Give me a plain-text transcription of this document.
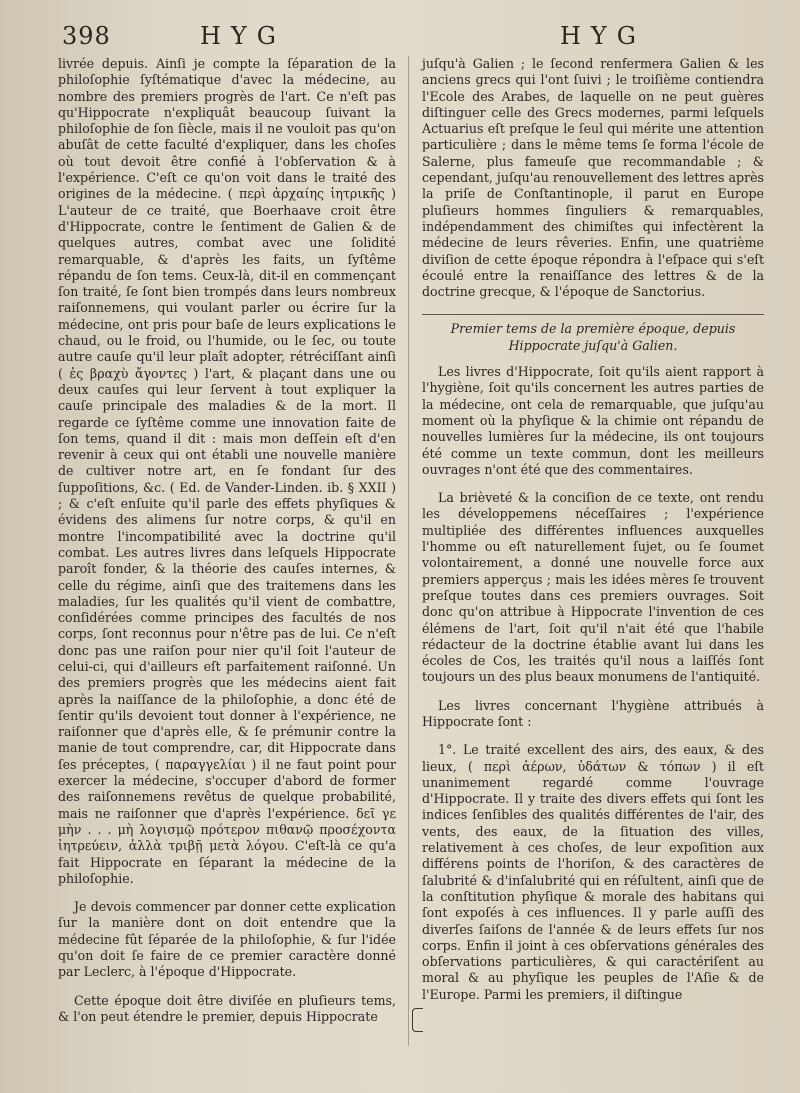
398	HYG	HYG

livrée depuis. Ainſi je compte la ſéparation de la philoſophie ſyſtématique d'avec la médecine, au nombre des premiers progrès de l'art. Ce n'eſt pas qu'Hippocrate n'expliquât beaucoup ſuivant la philoſophie de ſon ſiècle, mais il ne vouloit pas qu'on abuſât de cette faculté d'expliquer, dans les choſes où tout devoit être confié à l'obſervation & à l'expérience. C'eſt ce qu'on voit dans le traité des origines de la médecine. ( περὶ ἀρχαίης ἰητρικῆς ) L'auteur de ce traité, que Boerhaave croit être d'Hippocrate, contre le ſentiment de Galien & de quelques autres, combat avec une ſolidité remarquable, & d'après les faits, un ſyſtême répandu de ſon tems. Ceux-là, dit-il en commençant ſon traité, ſe ſont bien trompés dans leurs nombreux raiſonnemens, qui voulant parler ou écrire ſur la médecine, ont pris pour baſe de leurs explications le chaud, ou le froid, ou l'humide, ou le ſec, ou toute autre cauſe qu'il leur plaît adopter, rétréciſſant ainſi ( ἐς βραχὺ ἄγοντες ) l'art, & plaçant dans une ou deux cauſes qui leur ſervent à tout expliquer la cauſe principale des maladies & de la mort. Il regarde ce ſyſtême comme une innovation faite de ſon tems, quand il dit : mais mon deſſein eſt d'en revenir à ceux qui ont établi une nouvelle manière de cultiver notre art, en ſe fondant ſur des ſuppoſitions, &c. ( Ed. de Vander-Linden. ib. § XXII ) ; & c'eſt enſuite qu'il parle des effets phyſiques & évidens des alimens ſur notre corps, & qu'il en montre l'incompatibilité avec la doctrine qu'il combat. Les autres livres dans leſquels Hippocrate paroît fonder, & la théorie des cauſes internes, & celle du régime, ainſi que des traitemens dans les maladies, ſur les qualités qu'il vient de combattre, conſidérées comme principes des facultés de nos corps, ſont reconnus pour n'être pas de lui. Ce n'eſt donc pas une raiſon pour nier qu'il ſoit l'auteur de celui-ci, qui d'ailleurs eſt parfaitement raiſonné. Un des premiers progrès que les médecins aient fait après la naiſſance de la philoſophie, a donc été de ſentir qu'ils devoient tout donner à l'expérience, ne raiſonner que d'après elle, & ſe prémunir contre la manie de tout comprendre, car, dit Hippocrate dans ſes préceptes, ( παραγγελίαι ) il ne faut point pour exercer la médecine, s'occuper d'abord de former des raiſonnemens revêtus de quelque probabilité, mais ne raiſonner que d'après l'expérience. δεῖ γε μὴν . . . μὴ λογισμῷ πρότερον πιθανῷ προσέχοντα ἰητρεύειν, ἀλλὰ τριβῇ μετὰ λόγου. C'eſt-là ce qu'a fait Hippocrate en ſéparant la médecine de la philoſophie.

Je devois commencer par donner cette explication ſur la manière dont on doit entendre que la médecine fût ſéparée de la philoſophie, & ſur l'idée qu'on doit ſe faire de ce premier caractère donné par Leclerc, à l'époque d'Hippocrate.

Cette époque doit être diviſée en pluſieurs tems, & l'on peut étendre le premier, depuis Hippocrate

juſqu'à Galien ; le ſecond renfermera Galien & les anciens grecs qui l'ont ſuivi ; le troiſième contiendra l'Ecole des Arabes, de laquelle on ne peut guères diſtinguer celle des Grecs modernes, parmi leſquels Actuarius eſt preſque le ſeul qui mérite une attention particulière ; dans le même tems ſe forma l'école de Salerne, plus fameuſe que recommandable ; & cependant, juſqu'au renouvellement des lettres après la priſe de Conſtantinople, il parut en Europe pluſieurs hommes ſinguliers & remarquables, indépendamment des chimiſtes qui infectèrent la médecine de leurs rêveries. Enfin, une quatrième diviſion de cette époque répondra à l'eſpace qui s'eſt écoulé entre la renaiſſance des lettres & de la doctrine grecque, & l'époque de Sanctorius.

Premier tems de la première époque, depuis Hippocrate juſqu'à Galien.

Les livres d'Hippocrate, ſoit qu'ils aient rapport à l'hygiène, ſoit qu'ils concernent les autres parties de la médecine, ont cela de remarquable, que juſqu'au moment où la phyſique & la chimie ont répandu de nouvelles lumières ſur la médecine, ils ont toujours été comme un texte commun, dont les meilleurs ouvrages n'ont été que des commentaires.

La brièveté & la conciſion de ce texte, ont rendu les développemens néceſſaires ; l'expérience multipliée des différentes influences auxquelles l'homme ou eſt naturellement ſujet, ou ſe ſoumet volontairement, a donné une nouvelle force aux premiers apperçus ; mais les idées mères ſe trouvent preſque toutes dans ces premiers ouvrages. Soit donc qu'on attribue à Hippocrate l'invention de ces élémens de l'art, ſoit qu'il n'ait été que l'habile rédacteur de la doctrine établie avant lui dans les écoles de Cos, les traités qu'il nous a laiſſés ſont toujours un des plus beaux monumens de l'antiquité.

Les livres concernant l'hygiène attribués à Hippocrate ſont :

1°. Le traité excellent des airs, des eaux, & des lieux, ( περὶ ἀέρων, ὑδάτων & τόπων ) il eſt unanimement regardé comme l'ouvrage d'Hippocrate. Il y traite des divers effets qui ſont les indices ſenſibles des qualités différentes de l'air, des vents, des eaux, de la ſituation des villes, relativement à ces choſes, de leur expoſition aux différens points de l'horiſon, & des caractères de ſalubrité & d'inſalubrité qui en réſultent, ainſi que de la conſtitution phyſique & morale des habitans qui ſont expoſés à ces influences. Il y parle auſſi des diverſes ſaiſons de l'année & de leurs effets ſur nos corps. Enfin il joint à ces obſervations générales des obſervations particulières, & qui caractériſent au moral & au phyſique les peuples de l'Aſie & de l'Europe. Parmi les premiers, il diſtingue
